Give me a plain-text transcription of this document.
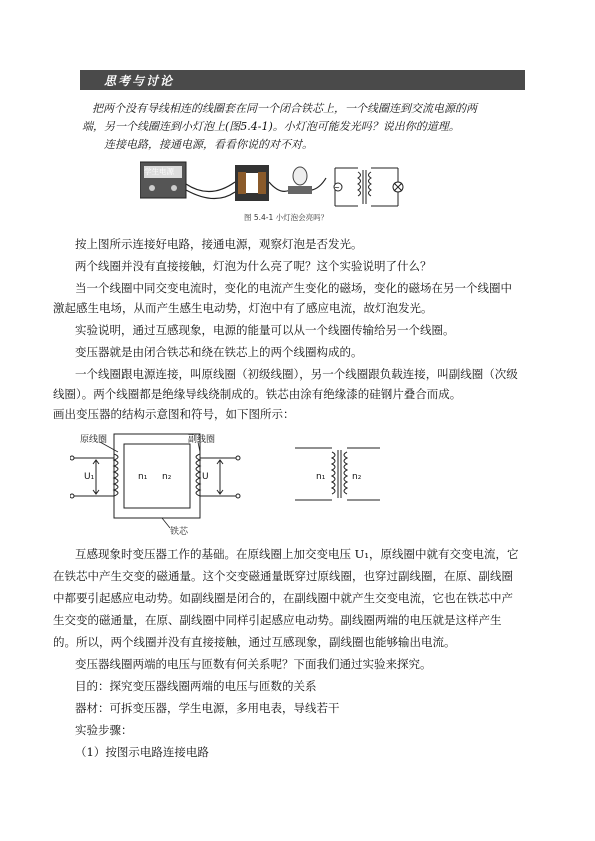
思考与讨论
把两个没有导线相连的线圈套在同一个闭合铁芯上，一个线圈连到交流电源的两
端，另一个线圈连到小灯泡上(图5.4-1)。小灯泡可能发光吗？说出你的道理。
连接电路，接通电源，看看你说的对不对。
~
学生电源
图 5.4-1 小灯泡会亮吗？
按上图所示连接好电路，接通电源，观察灯泡是否发光。
两个线圈并没有直接接触，灯泡为什么亮了呢？这个实验说明了什么？
当一个线圈中同交变电流时，变化的电流产生变化的磁场，变化的磁场在另一个线圈中
激起感生电场，从而产生感生电动势，灯泡中有了感应电流，故灯泡发光。
实验说明，通过互感现象，电源的能量可以从一个线圈传输给另一个线圈。
变压器就是由闭合铁芯和绕在铁芯上的两个线圈构成的。
一个线圈跟电源连接，叫原线圈（初级线圈），另一个线圈跟负载连接，叫副线圈（次级
线圈）。两个线圈都是绝缘导线绕制成的。铁芯由涂有绝缘漆的硅钢片叠合而成。
画出变压器的结构示意图和符号，如下图所示：
原线圈	副线圈
铁芯
U₁	U
n₁ n₂	n₁	n₂
互感现象时变压器工作的基础。在原线圈上加交变电压 U₁，原线圈中就有交变电流，它
在铁芯中产生交变的磁通量。这个交变磁通量既穿过原线圈，也穿过副线圈，在原、副线圈
中都要引起感应电动势。如副线圈是闭合的，在副线圈中就产生交变电流，它也在铁芯中产
生交变的磁通量，在原、副线圈中同样引起感应电动势。副线圈两端的电压就是这样产生
的。所以，两个线圈并没有直接接触，通过互感现象，副线圈也能够输出电流。
变压器线圈两端的电压与匝数有何关系呢？下面我们通过实验来探究。
目的：探究变压器线圈两端的电压与匝数的关系
器材：可拆变压器，学生电源，多用电表，导线若干
实验步骤：
（1）按图示电路连接电路
